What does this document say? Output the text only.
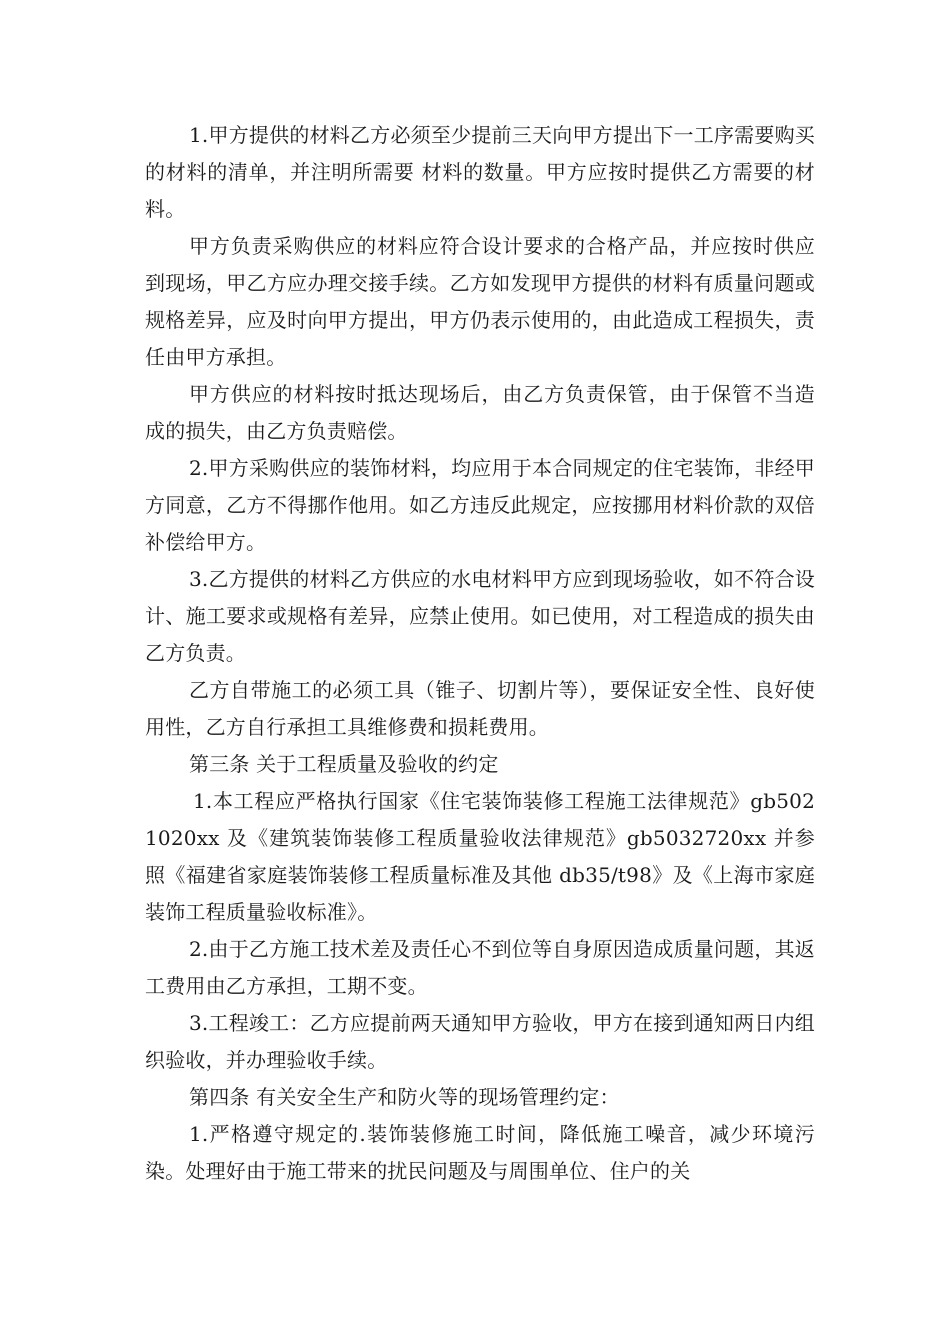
1.甲方提供的材料乙方必须至少提前三天向甲方提出下一工序需要购买的材料的清单，并注明所需要 材料的数量。甲方应按时提供乙方需要的材料。

甲方负责采购供应的材料应符合设计要求的合格产品，并应按时供应到现场，甲乙方应办理交接手续。乙方如发现甲方提供的材料有质量问题或规格差异，应及时向甲方提出，甲方仍表示使用的，由此造成工程损失，责任由甲方承担。

甲方供应的材料按时抵达现场后，由乙方负责保管，由于保管不当造成的损失，由乙方负责赔偿。

2.甲方采购供应的装饰材料，均应用于本合同规定的住宅装饰，非经甲方同意，乙方不得挪作他用。如乙方违反此规定，应按挪用材料价款的双倍补偿给甲方。

3.乙方提供的材料乙方供应的水电材料甲方应到现场验收，如不符合设计、施工要求或规格有差异，应禁止使用。如已使用，对工程造成的损失由乙方负责。

乙方自带施工的必须工具（锥子、切割片等），要保证安全性、良好使用性，乙方自行承担工具维修费和损耗费用。

第三条 关于工程质量及验收的约定

1.本工程应严格执行国家《住宅装饰装修工程施工法律规范》gb5021020xx 及《建筑装饰装修工程质量验收法律规范》gb5032720xx 并参照《福建省家庭装饰装修工程质量标准及其他 db35/t98》及《上海市家庭装饰工程质量验收标准》。

2.由于乙方施工技术差及责任心不到位等自身原因造成质量问题，其返工费用由乙方承担，工期不变。

3.工程竣工：乙方应提前两天通知甲方验收，甲方在接到通知两日内组织验收，并办理验收手续。

第四条 有关安全生产和防火等的现场管理约定：

1.严格遵守规定的.装饰装修施工时间，降低施工噪音，减少环境污染。处理好由于施工带来的扰民问题及与周围单位、住户的关
